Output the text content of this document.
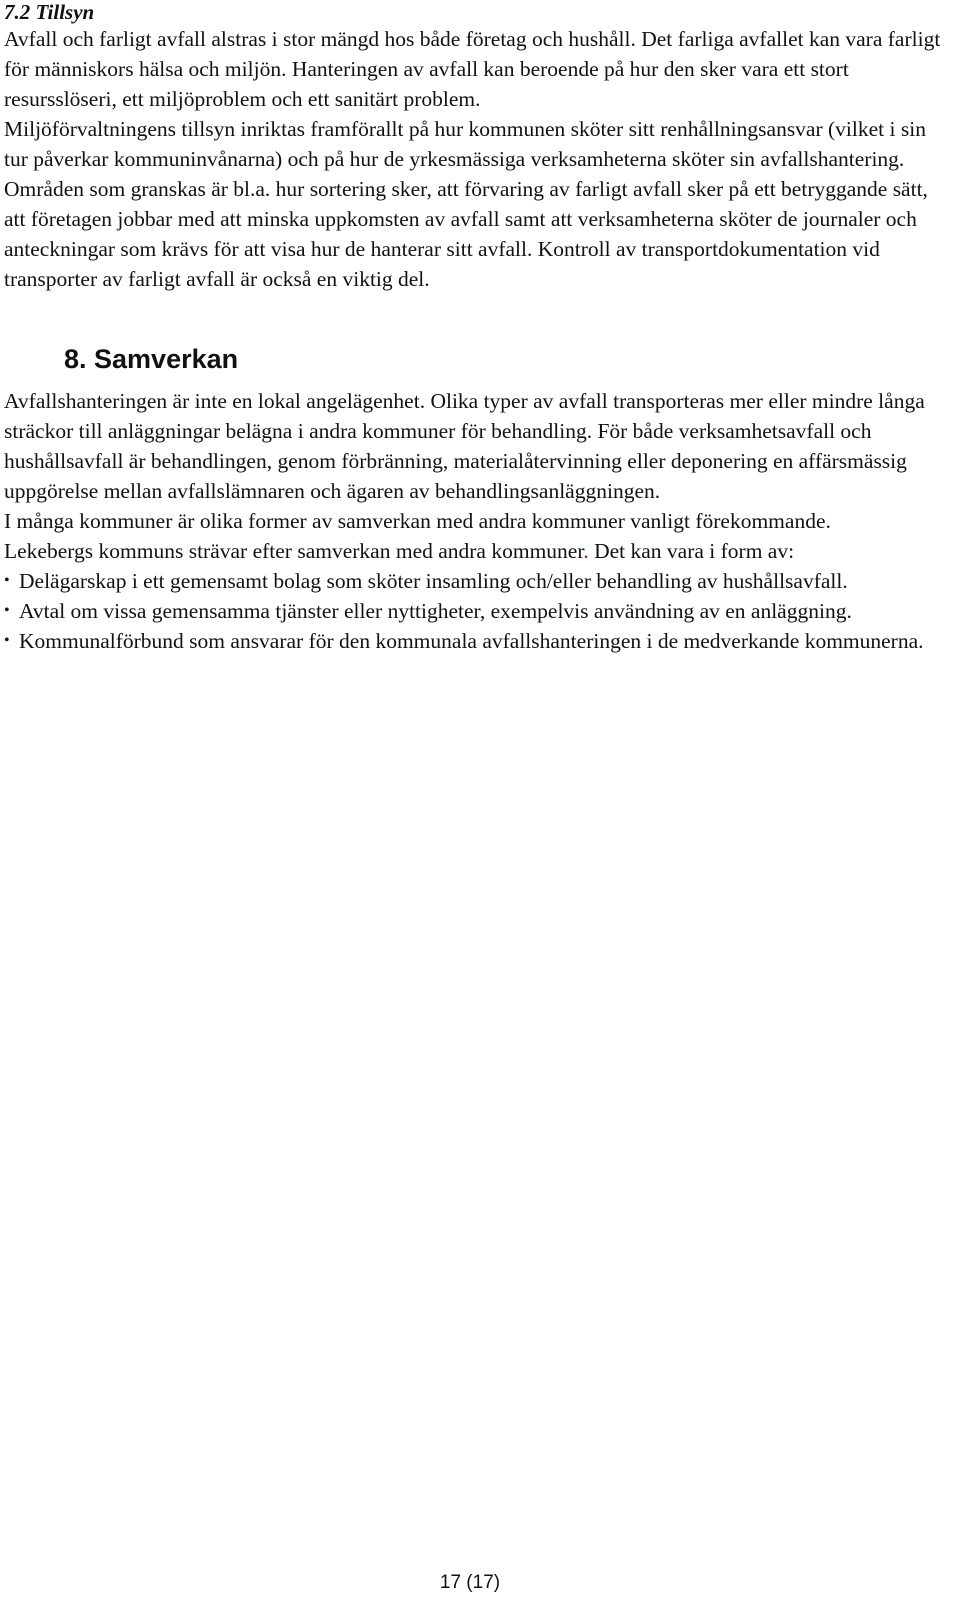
7.2 Tillsyn

Avfall och farligt avfall alstras i stor mängd hos både företag och hushåll. Det farliga avfallet kan vara farligt för människors hälsa och miljön. Hanteringen av avfall kan beroende på hur den sker vara ett stort resursslöseri, ett miljöproblem och ett sanitärt problem.

Miljöförvaltningens tillsyn inriktas framförallt på hur kommunen sköter sitt renhållningsansvar (vilket i sin tur påverkar kommuninvånarna) och på hur de yrkesmässiga verksamheterna sköter sin avfallshantering. Områden som granskas är bl.a. hur sortering sker, att förvaring av farligt avfall sker på ett betryggande sätt, att företagen jobbar med att minska uppkomsten av avfall samt att verksamheterna sköter de journaler och anteckningar som krävs för att visa hur de hanterar sitt avfall. Kontroll av transportdokumentation vid transporter av farligt avfall är också en viktig del.

8. Samverkan

Avfallshanteringen är inte en lokal angelägenhet. Olika typer av avfall transporteras mer eller mindre långa sträckor till anläggningar belägna i andra kommuner för behandling. För både verksamhetsavfall och hushållsavfall är behandlingen, genom förbränning, materialåtervinning eller deponering en affärsmässig uppgörelse mellan avfallslämnaren och ägaren av behandlingsanläggningen.

I många kommuner är olika former av samverkan med andra kommuner vanligt förekommande.

Lekebergs kommuns strävar efter samverkan med andra kommuner. Det kan vara i form av:

• Delägarskap i ett gemensamt bolag som sköter insamling och/eller behandling av hushållsavfall.
• Avtal om vissa gemensamma tjänster eller nyttigheter, exempelvis användning av en anläggning.
• Kommunalförbund som ansvarar för den kommunala avfallshanteringen i de medverkande kommunerna.
17 (17)
